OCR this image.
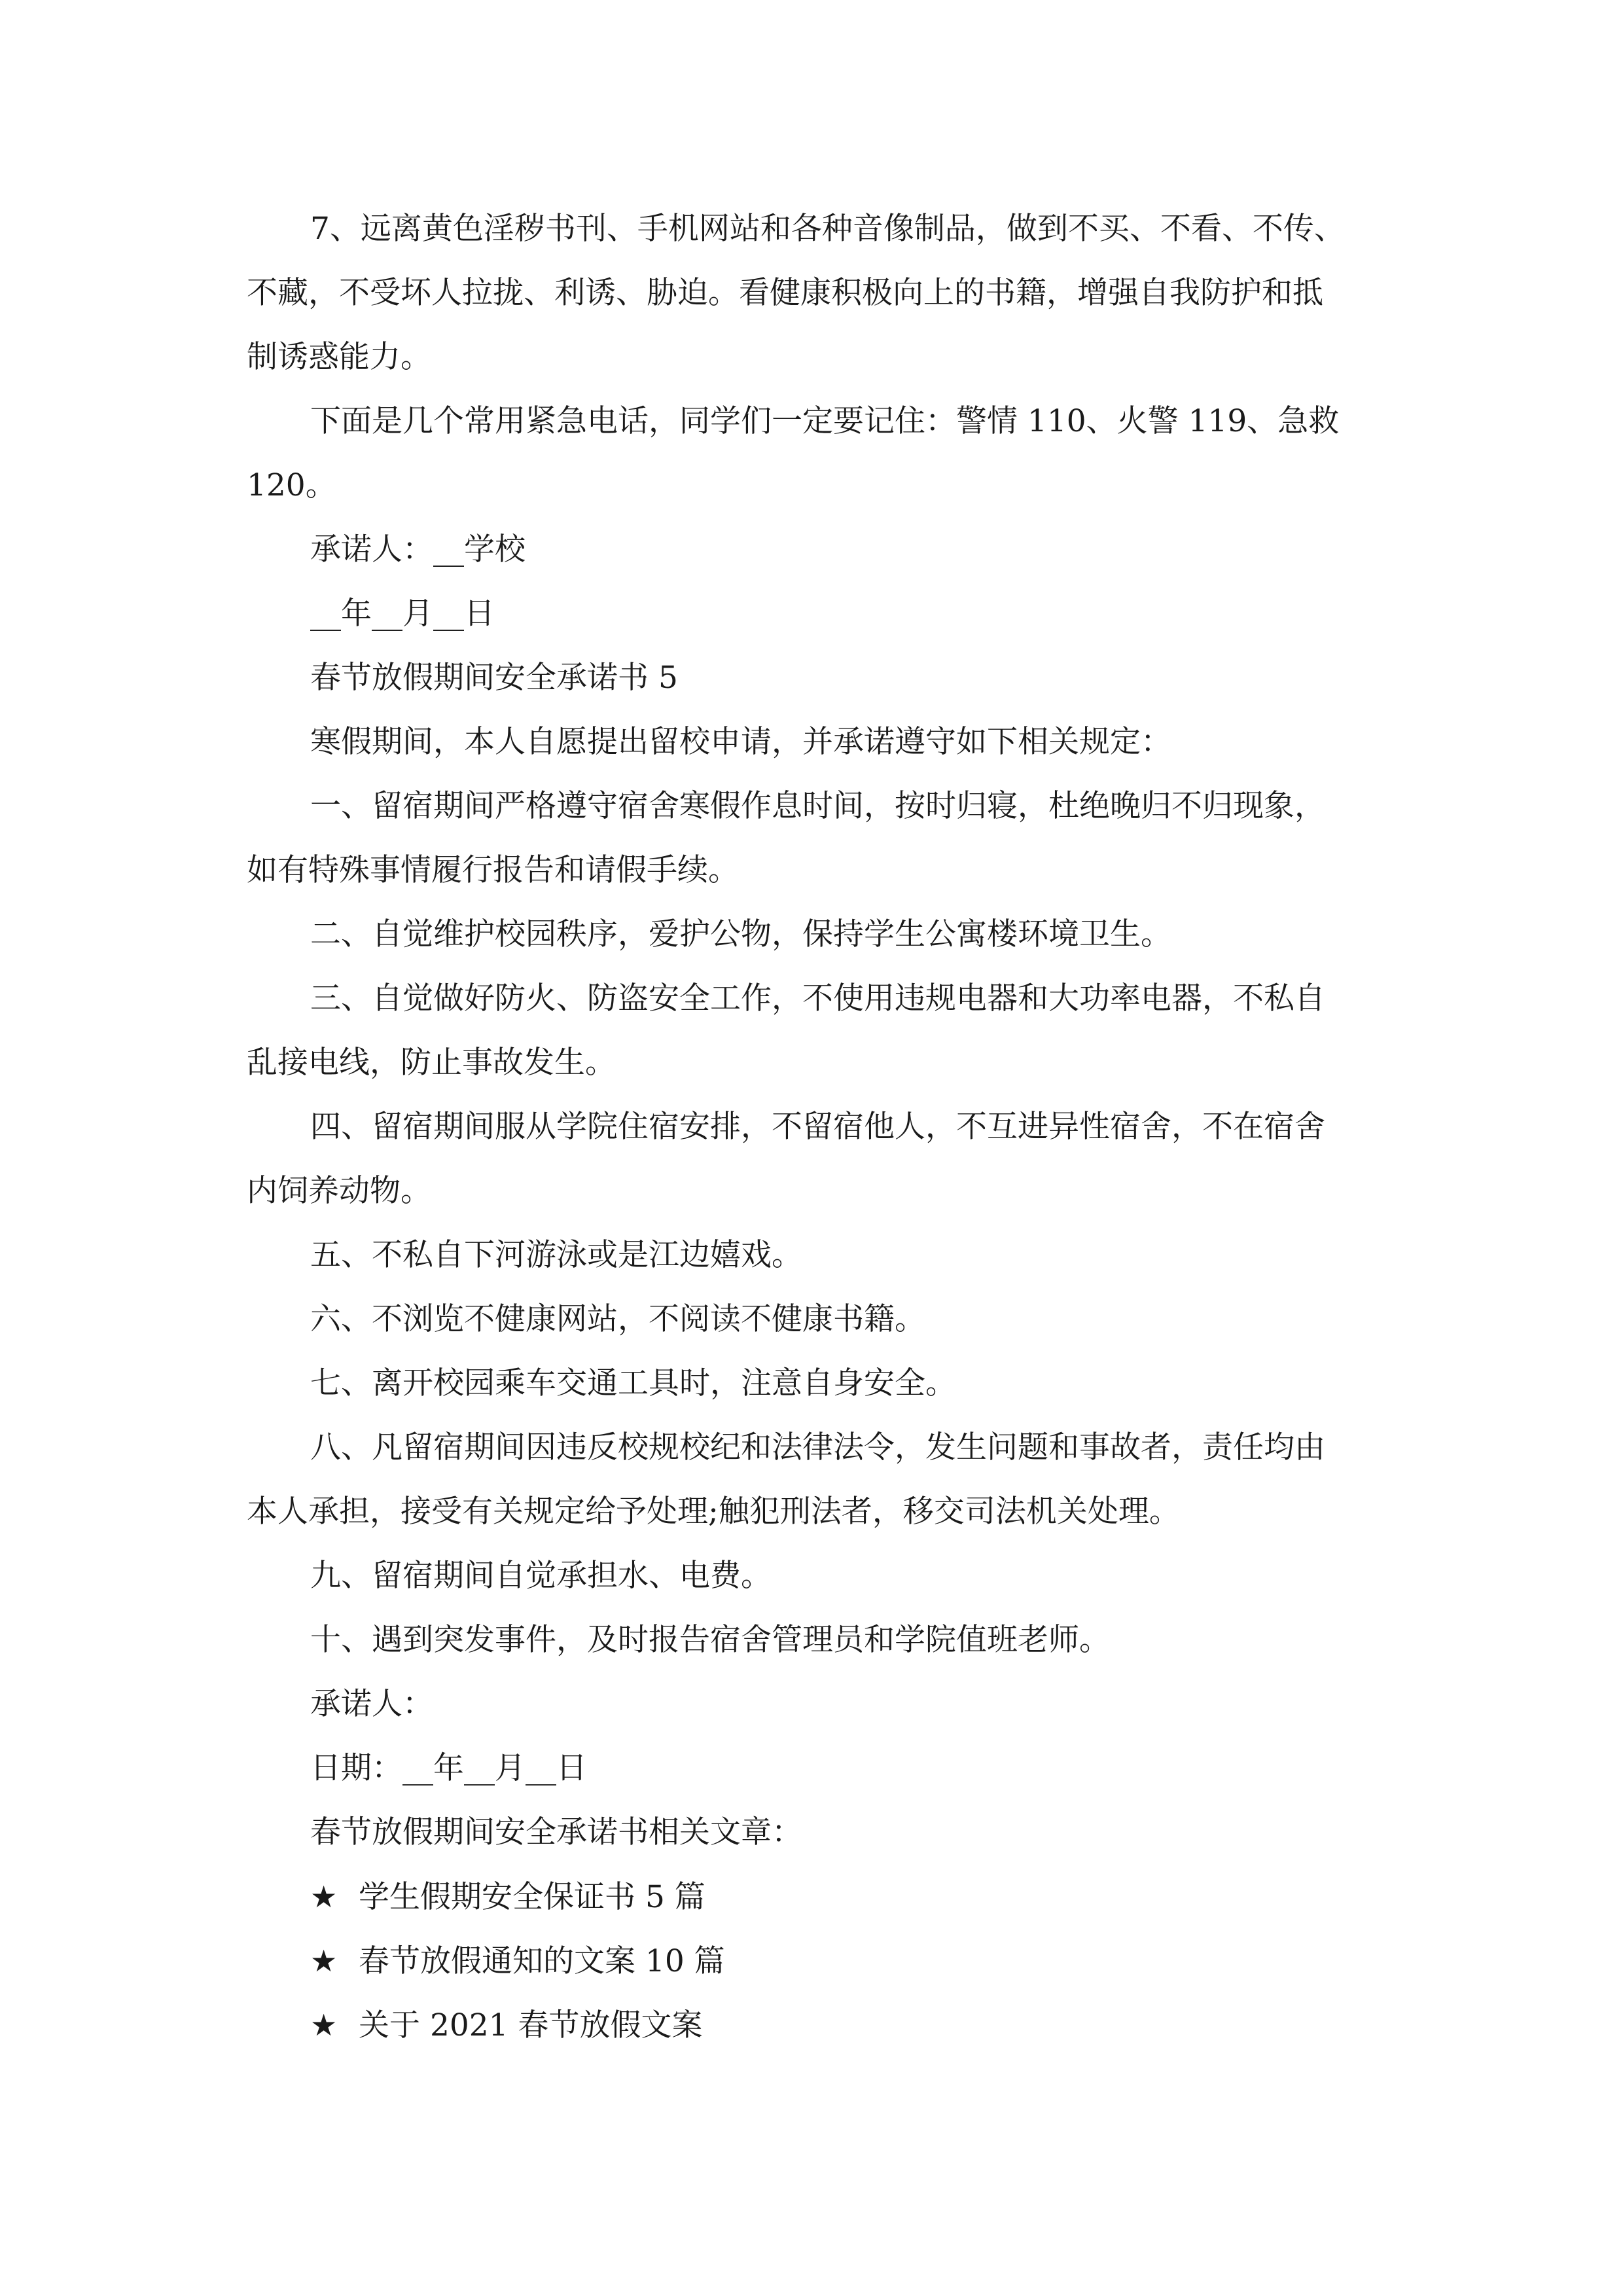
7、远离黄色淫秽书刊、手机网站和各种音像制品，做到不买、不看、不传、
不藏，不受坏人拉拢、利诱、胁迫。看健康积极向上的书籍，增强自我防护和抵
制诱惑能力。
下面是几个常用紧急电话，同学们一定要记住：警情 110、火警 119、急救
120。
承诺人：__学校
__年__月__日
春节放假期间安全承诺书 5
寒假期间，本人自愿提出留校申请，并承诺遵守如下相关规定：
一、留宿期间严格遵守宿舍寒假作息时间，按时归寝，杜绝晚归不归现象，
如有特殊事情履行报告和请假手续。
二、自觉维护校园秩序，爱护公物，保持学生公寓楼环境卫生。
三、自觉做好防火、防盗安全工作，不使用违规电器和大功率电器，不私自
乱接电线，防止事故发生。
四、留宿期间服从学院住宿安排，不留宿他人，不互进异性宿舍，不在宿舍
内饲养动物。
五、不私自下河游泳或是江边嬉戏。
六、不浏览不健康网站，不阅读不健康书籍。
七、离开校园乘车交通工具时，注意自身安全。
八、凡留宿期间因违反校规校纪和法律法令，发生问题和事故者，责任均由
本人承担，接受有关规定给予处理;触犯刑法者，移交司法机关处理。
九、留宿期间自觉承担水、电费。
十、遇到突发事件，及时报告宿舍管理员和学院值班老师。
承诺人：
日期：__年__月__日
春节放假期间安全承诺书相关文章：
★ 学生假期安全保证书 5 篇
★ 春节放假通知的文案 10 篇
★ 关于 2021 春节放假文案
